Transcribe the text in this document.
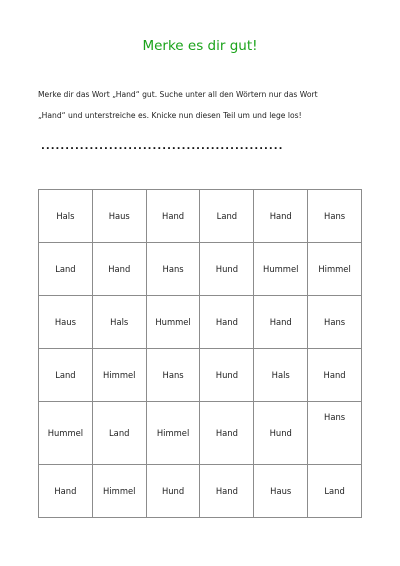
Merke es dir gut!

Merke dir das Wort „Hand“ gut. Suche unter all den Wörtern nur das Wort
„Hand“ und unterstreiche es. Knicke nun diesen Teil um und lege los!

..................................................
Hals	Haus	Hand	Land	Hand	Hans
Land	Hand	Hans	Hund	Hummel	Himmel
Haus	Hals	Hummel	Hand	Hand	Hans
Land	Himmel	Hans	Hund	Hals	Hand
Hummel	Land	Himmel	Hand	Hund	Hans
Hand	Himmel	Hund	Hand	Haus	Land
